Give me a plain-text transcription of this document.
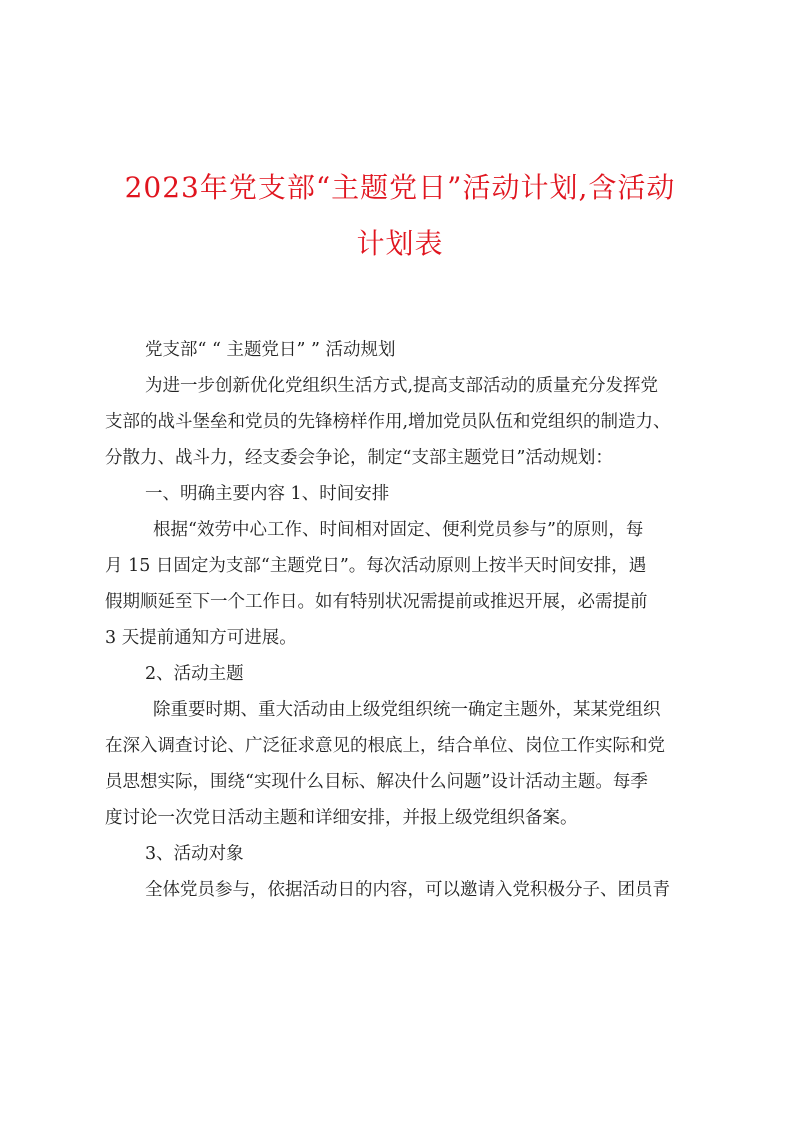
2023年党支部“主题党日”活动计划,含活动
计划表
党支部“ “ 主题党日” ” 活动规划
为进一步创新优化党组织生活方式,提高支部活动的质量充分发挥党
支部的战斗堡垒和党员的先锋榜样作用,增加党员队伍和党组织的制造力、
分散力、战斗力，经支委会争论，制定“支部主题党日”活动规划：
一、明确主要内容 1、时间安排
根据“效劳中心工作、时间相对固定、便利党员参与”的原则，每
月 15 日固定为支部“主题党日”。每次活动原则上按半天时间安排，遇
假期顺延至下一个工作日。如有特别状况需提前或推迟开展，必需提前
3 天提前通知方可进展。
2、活动主题
除重要时期、重大活动由上级党组织统一确定主题外，某某党组织
在深入调查讨论、广泛征求意见的根底上，结合单位、岗位工作实际和党
员思想实际，围绕“实现什么目标、解决什么问题”设计活动主题。每季
度讨论一次党日活动主题和详细安排，并报上级党组织备案。
3、活动对象
全体党员参与，依据活动日的内容，可以邀请入党积极分子、团员青
